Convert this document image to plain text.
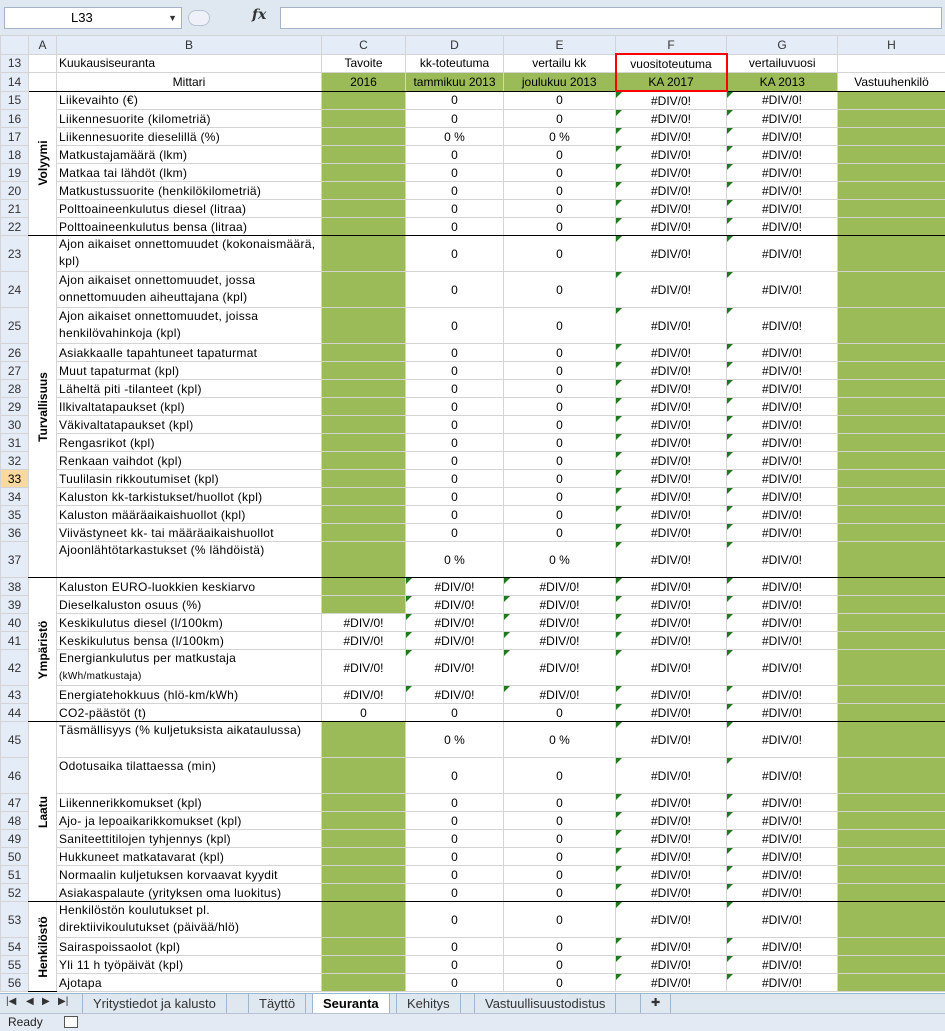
L33	▼	fx
	A	B	C	D	E	F	G	H
13		Kuukausiseuranta	Tavoite	kk-toteutuma	vertailu kk	vuositoteutuma	vertailuvuosi	
14		Mittari	2016	tammikuu 2013	joulukuu 2013	KA 2017	KA 2013	Vastuuhenkilö
15	Volyymi	Liikevaihto (€)		0	0	#DIV/0!	#DIV/0!	
16		Liikennesuorite (kilometriä)		0	0	#DIV/0!	#DIV/0!	
17		Liikennesuorite dieselillä (%)		0 %	0 %	#DIV/0!	#DIV/0!	
18		Matkustajamäärä (lkm)		0	0	#DIV/0!	#DIV/0!	
19		Matkaa tai lähdöt (lkm)		0	0	#DIV/0!	#DIV/0!	
20		Matkustussuorite (henkilökilometriä)		0	0	#DIV/0!	#DIV/0!	
21		Polttoaineenkulutus diesel (litraa)		0	0	#DIV/0!	#DIV/0!	
22		Polttoaineenkulutus bensa (litraa)		0	0	#DIV/0!	#DIV/0!	
23	Turvallisuus	Ajon aikaiset onnettomuudet (kokonaismäärä, kpl)		0	0	#DIV/0!	#DIV/0!	
24		Ajon aikaiset onnettomuudet, jossa onnettomuuden aiheuttajana (kpl)		0	0	#DIV/0!	#DIV/0!	
25		Ajon aikaiset onnettomuudet, joissa henkilövahinkoja (kpl)		0	0	#DIV/0!	#DIV/0!	
26		Asiakkaalle tapahtuneet tapaturmat		0	0	#DIV/0!	#DIV/0!	
27		Muut tapaturmat (kpl)		0	0	#DIV/0!	#DIV/0!	
28		Läheltä piti -tilanteet (kpl)		0	0	#DIV/0!	#DIV/0!	
29		Ilkivaltatapaukset (kpl)		0	0	#DIV/0!	#DIV/0!	
30		Väkivaltatapaukset (kpl)		0	0	#DIV/0!	#DIV/0!	
31		Rengasrikot (kpl)		0	0	#DIV/0!	#DIV/0!	
32		Renkaan vaihdot (kpl)		0	0	#DIV/0!	#DIV/0!	
33		Tuulilasin rikkoutumiset (kpl)		0	0	#DIV/0!	#DIV/0!	
34		Kaluston kk-tarkistukset/huollot (kpl)		0	0	#DIV/0!	#DIV/0!	
35		Kaluston määräaikaishuollot (kpl)		0	0	#DIV/0!	#DIV/0!	
36		Viivästyneet kk- tai määräaikaishuollot		0	0	#DIV/0!	#DIV/0!	
37		Ajoonlähtötarkastukset (% lähdöistä)		0 %	0 %	#DIV/0!	#DIV/0!	
38	Ympäristö	Kaluston EURO-luokkien keskiarvo		#DIV/0!	#DIV/0!	#DIV/0!	#DIV/0!	
39		Dieselkaluston osuus (%)		#DIV/0!	#DIV/0!	#DIV/0!	#DIV/0!	
40		Keskikulutus diesel (l/100km)	#DIV/0!	#DIV/0!	#DIV/0!	#DIV/0!	#DIV/0!	
41		Keskikulutus bensa (l/100km)	#DIV/0!	#DIV/0!	#DIV/0!	#DIV/0!	#DIV/0!	
42		Energiankulutus per matkustaja
(kWh/matkustaja)	#DIV/0!	#DIV/0!	#DIV/0!	#DIV/0!	#DIV/0!	
43		Energiatehokkuus (hlö-km/kWh)	#DIV/0!	#DIV/0!	#DIV/0!	#DIV/0!	#DIV/0!	
44		CO2-päästöt (t)	0	0	0	#DIV/0!	#DIV/0!	
45	Laatu	Täsmällisyys (% kuljetuksista aikataulussa)		0 %	0 %	#DIV/0!	#DIV/0!	
46		Odotusaika tilattaessa (min)		0	0	#DIV/0!	#DIV/0!	
47		Liikennerikkomukset (kpl)		0	0	#DIV/0!	#DIV/0!	
48		Ajo- ja lepoaikarikkomukset (kpl)		0	0	#DIV/0!	#DIV/0!	
49		Saniteettitilojen tyhjennys (kpl)		0	0	#DIV/0!	#DIV/0!	
50		Hukkuneet matkatavarat (kpl)		0	0	#DIV/0!	#DIV/0!	
51		Normaalin kuljetuksen korvaavat kyydit		0	0	#DIV/0!	#DIV/0!	
52		Asiakaspalaute (yrityksen oma luokitus)		0	0	#DIV/0!	#DIV/0!	
53	Henkilöstö	Henkilöstön koulutukset pl. direktiivikoulutukset (päivää/hlö)		0	0	#DIV/0!	#DIV/0!	
54		Sairaspoissaolot (kpl)		0	0	#DIV/0!	#DIV/0!	
55		Yli 11 h työpäivät (kpl)		0	0	#DIV/0!	#DIV/0!	
56		Ajotapa		0	0	#DIV/0!	#DIV/0!	
|◀ ◀ ▶ ▶|	Yritystiedot ja kalusto	Täyttö	Seuranta	Kehitys	Vastuullisuustodistus	✚
Ready
